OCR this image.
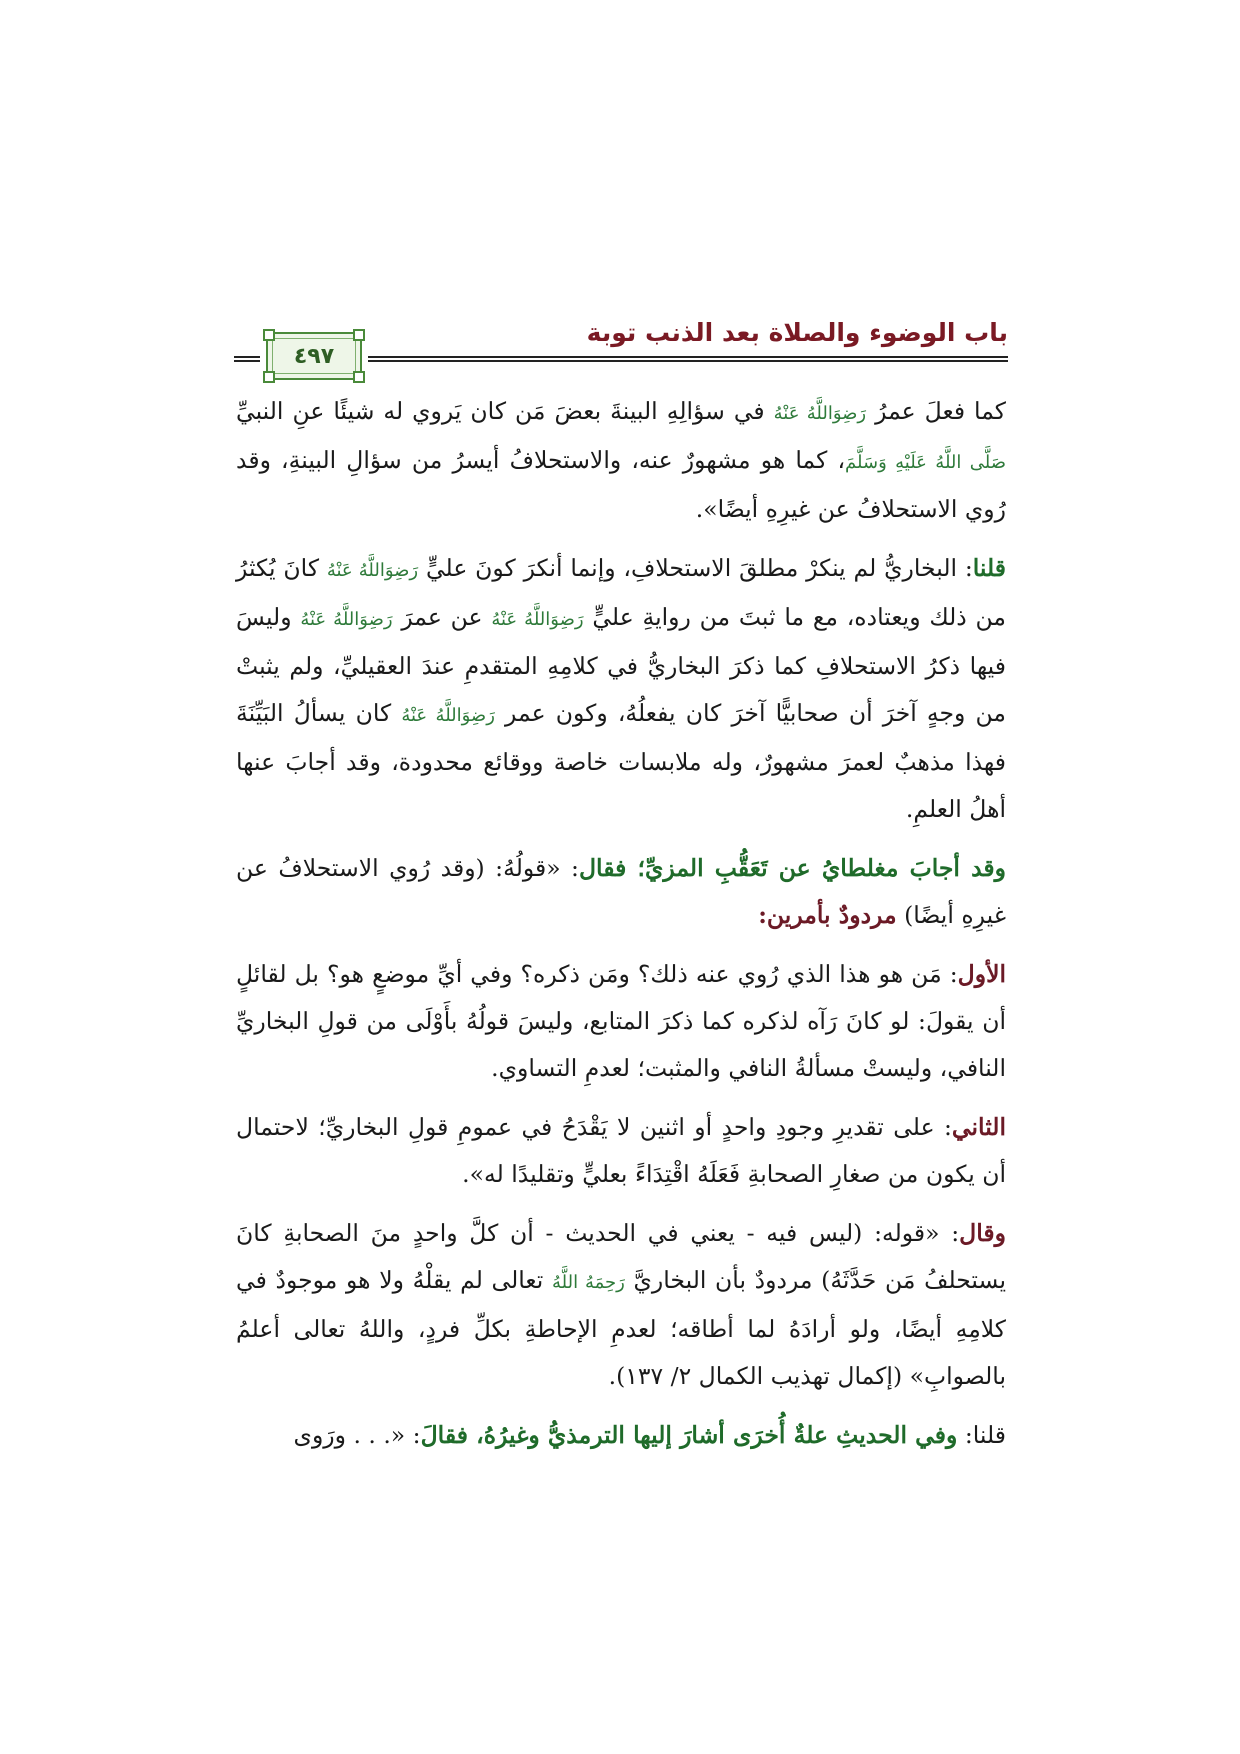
٤٩٧
باب الوضوء والصلاة بعد الذنب توبة

كما فعلَ عمرُ رَضِوَاللَّهُ عَنْهُ في سؤالِهِ البينةَ بعضَ مَن كان يَروي له شيئًا عنِ النبيِّ صَلَّى اللَّهُ عَلَيْهِ وَسَلَّمَ، كما هو مشهورٌ عنه، والاستحلافُ أيسرُ من سؤالِ البينةِ، وقد رُوي الاستحلافُ عن غيرِهِ أيضًا».

قلنا: البخاريُّ لم ينكرْ مطلقَ الاستحلافِ، وإنما أنكرَ كونَ عليٍّ رَضِوَاللَّهُ عَنْهُ كانَ يُكثرُ من ذلك ويعتاده، مع ما ثبتَ من روايةِ عليٍّ رَضِوَاللَّهُ عَنْهُ عن عمرَ رَضِوَاللَّهُ عَنْهُ وليسَ فيها ذكرُ الاستحلافِ كما ذكرَ البخاريُّ في كلامِهِ المتقدمِ عندَ العقيليِّ، ولم يثبتْ من وجهٍ آخرَ أن صحابيًّا آخرَ كان يفعلُهُ، وكون عمر رَضِوَاللَّهُ عَنْهُ كان يسألُ البَيِّنَةَ فهذا مذهبٌ لعمرَ مشهورٌ، وله ملابسات خاصة ووقائع محدودة، وقد أجابَ عنها أهلُ العلمِ.

وقد أجابَ مغلطايُ عن تَعَقُّبِ المزيِّ؛ فقال: «قولُهُ: (وقد رُوي الاستحلافُ عن غيرِهِ أيضًا) مردودٌ بأمرين:

الأول: مَن هو هذا الذي رُوي عنه ذلك؟ ومَن ذكره؟ وفي أيِّ موضعٍ هو؟ بل لقائلٍ أن يقولَ: لو كانَ رَآه لذكره كما ذكرَ المتابع، وليسَ قولُهُ بأَوْلَى من قولِ البخاريِّ النافي، وليستْ مسألةُ النافي والمثبت؛ لعدمِ التساوي.

الثاني: على تقديرِ وجودِ واحدٍ أو اثنين لا يَقْدَحُ في عمومِ قولِ البخاريِّ؛ لاحتمال أن يكون من صغارِ الصحابةِ فَعَلَهُ اقْتِدَاءً بعليٍّ وتقليدًا له».

وقال: «قوله: (ليس فيه - يعني في الحديث - أن كلَّ واحدٍ منَ الصحابةِ كانَ يستحلفُ مَن حَدَّثَهُ) مردودٌ بأن البخاريَّ رَحِمَهُ اللَّهُ تعالى لم يقلْهُ ولا هو موجودٌ في كلامِهِ أيضًا، ولو أرادَهُ لما أطاقه؛ لعدمِ الإحاطةِ بكلِّ فردٍ، واللهُ تعالى أعلمُ بالصوابِ» (إكمال تهذيب الكمال ٢/ ١٣٧).

قلنا: وفي الحديثِ علةٌ أُخرَى أشارَ إليها الترمذيُّ وغيرُهُ، فقالَ: «. . . ورَوى
